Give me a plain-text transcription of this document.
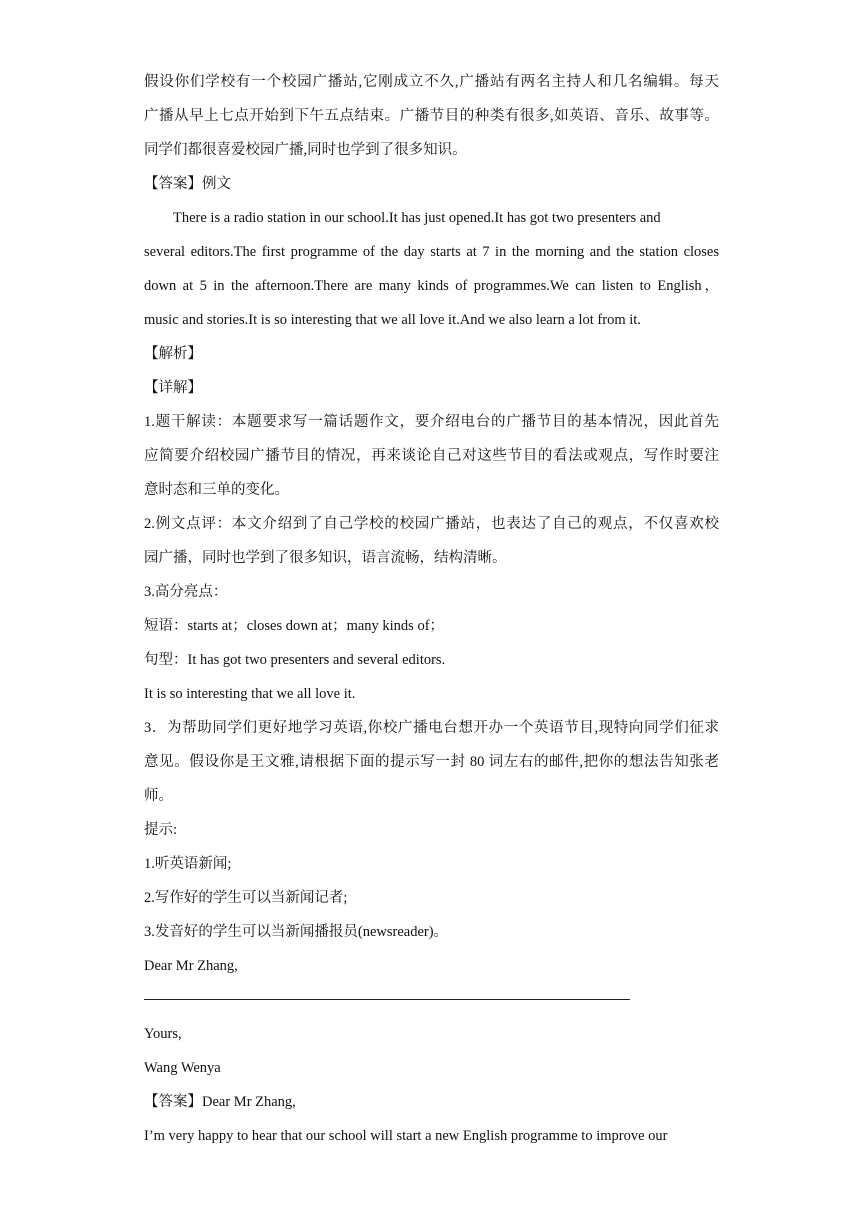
假设你们学校有一个校园广播站,它刚成立不久,广播站有两名主持人和几名编辑。每天
广播从早上七点开始到下午五点结束。广播节目的种类有很多,如英语、音乐、故事等。
同学们都很喜爱校园广播,同时也学到了很多知识。
【答案】例文
There is a radio station in our school.It has just opened.It has got two presenters and
several editors.The first programme of the day starts at 7 in the morning and the station closes
down at 5 in the afternoon.There are many kinds of programmes.We can listen to English，
music and stories.It is so interesting that we all love it.And we also learn a lot from it.
【解析】
【详解】
1.题干解读：本题要求写一篇话题作文，要介绍电台的广播节目的基本情况，因此首先
应简要介绍校园广播节目的情况，再来谈论自己对这些节目的看法或观点，写作时要注
意时态和三单的变化。
2.例文点评：本文介绍到了自己学校的校园广播站，也表达了自己的观点，不仅喜欢校
园广播，同时也学到了很多知识，语言流畅，结构清晰。
3.高分亮点：
短语：starts at；closes down at；many kinds of；
句型：It has got two presenters and several editors.
It is so interesting that we all love it.
3．为帮助同学们更好地学习英语,你校广播电台想开办一个英语节目,现特向同学们征求
意见。假设你是王文雅,请根据下面的提示写一封 80 词左右的邮件,把你的想法告知张老
师。
提示:
1.听英语新闻;
2.写作好的学生可以当新闻记者;
3.发音好的学生可以当新闻播报员(newsreader)。
Dear Mr Zhang,
Yours,
Wang Wenya
【答案】Dear Mr Zhang,
I’m very happy to hear that our school will start a new English programme to improve our
